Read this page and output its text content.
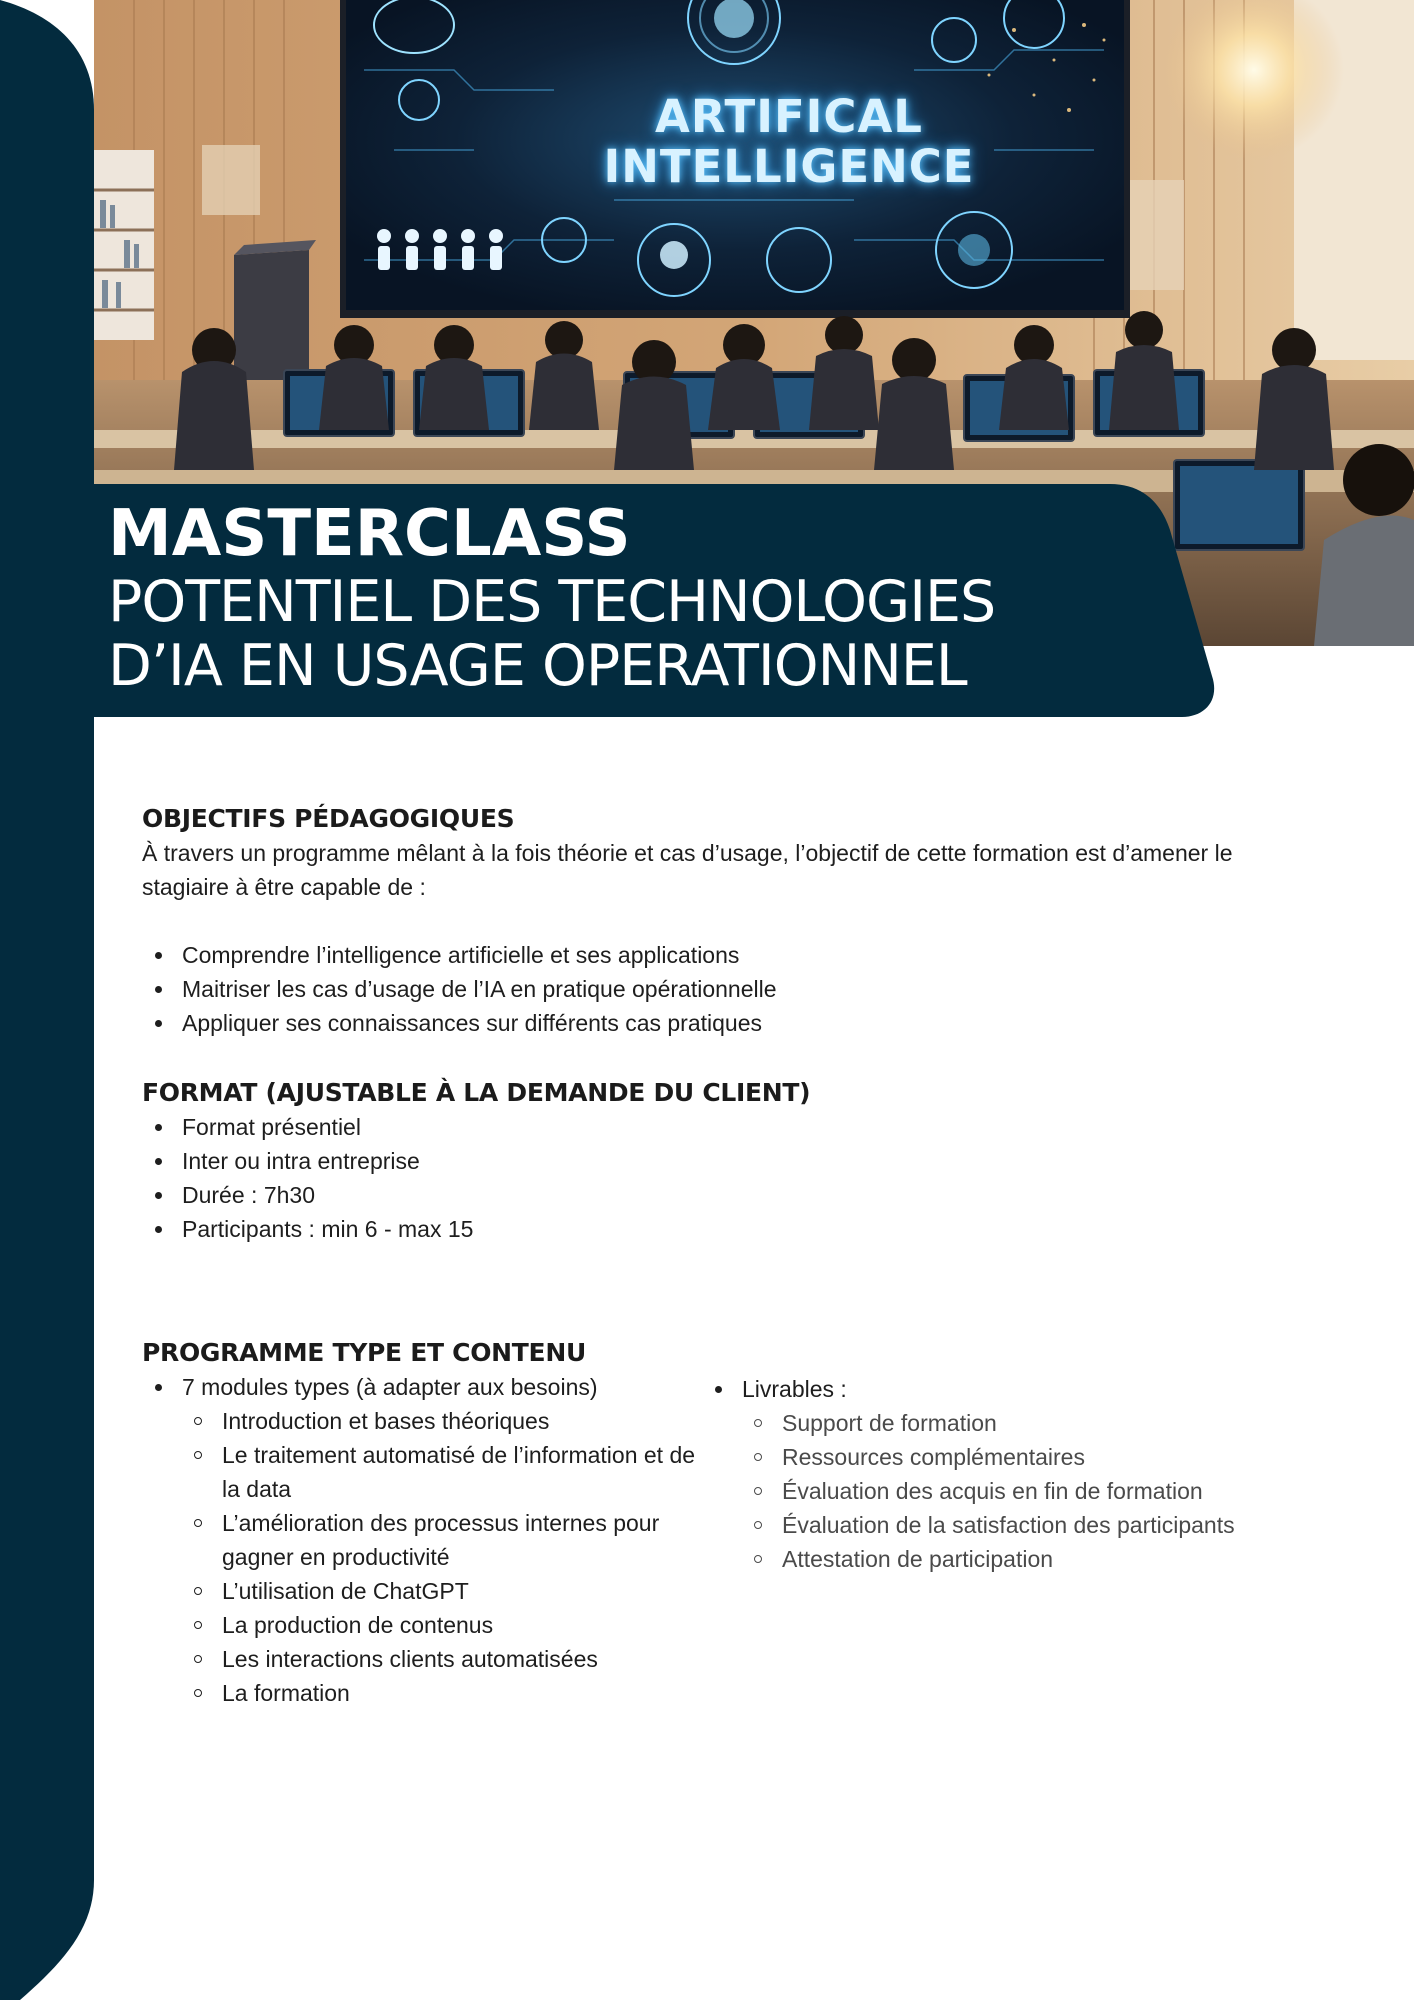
ARTIFICAL
INTELLIGENCE
MASTERCLASS
POTENTIEL DES TECHNOLOGIES
D’IA EN USAGE OPERATIONNEL
OBJECTIFS PÉDAGOGIQUES

À travers un programme mêlant à la fois théorie et cas d’usage, l’objectif de cette formation est d’amener le stagiaire à être capable de :

Comprendre l’intelligence artificielle et ses applications
Maitriser les cas d’usage de l’IA en pratique opérationnelle
Appliquer ses connaissances sur différents cas pratiques
FORMAT (AJUSTABLE À LA DEMANDE DU CLIENT)
Format présentiel
Inter ou intra entreprise
Durée : 7h30
Participants : min 6 - max 15
PROGRAMME TYPE ET CONTENU
7 modules types (à adapter aux besoins)
Introduction et bases théoriques
Le traitement automatisé de l’information et de la data
L’amélioration des processus internes pour gagner en productivité
L’utilisation de ChatGPT
La production de contenus
Les interactions clients automatisées
La formation
Livrables :
Support de formation
Ressources complémentaires
Évaluation des acquis en fin de formation
Évaluation de la satisfaction des participants
Attestation de participation
